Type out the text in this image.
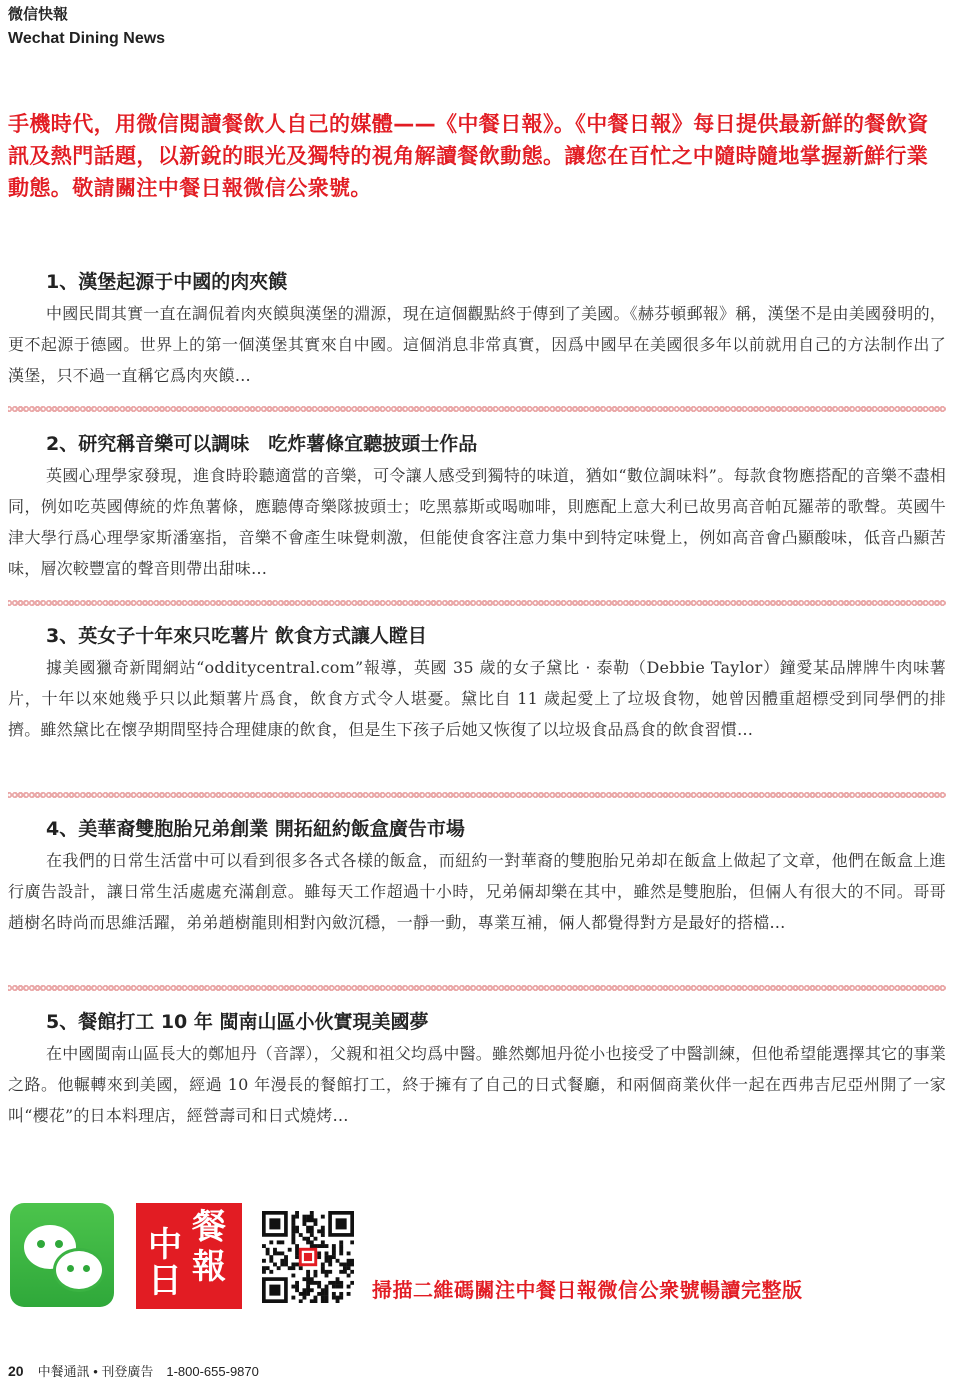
微信快報
Wechat Dining News
手機時代，用微信閱讀餐飲人自己的媒體——《中餐日報》。《中餐日報》每日提供最新鮮的餐飲資訊及熱門話題，以新銳的眼光及獨特的視角解讀餐飲動態。讓您在百忙之中隨時隨地掌握新鮮行業動態。敬請關注中餐日報微信公衆號。
1、漢堡起源于中國的肉夾饃

中國民間其實一直在調侃着肉夾饃與漢堡的淵源，現在這個觀點終于傳到了美國。《赫芬頓郵報》稱，漢堡不是由美國發明的，更不起源于德國。世界上的第一個漢堡其實來自中國。這個消息非常真實，因爲中國早在美國很多年以前就用自己的方法制作出了漢堡，只不過一直稱它爲肉夾饃…

2、研究稱音樂可以調味　吃炸薯條宜聽披頭士作品

英國心理學家發現，進食時聆聽適當的音樂，可令讓人感受到獨特的味道，猶如“數位調味料”。每款食物應搭配的音樂不盡相同，例如吃英國傳統的炸魚薯條，應聽傳奇樂隊披頭士；吃黑慕斯或喝咖啡，則應配上意大利已故男高音帕瓦羅蒂的歌聲。英國牛津大學行爲心理學家斯潘塞指，音樂不會產生味覺刺激，但能使食客注意力集中到特定味覺上，例如高音會凸顯酸味，低音凸顯苦味，層次較豐富的聲音則帶出甜味…

3、英女子十年來只吃薯片 飲食方式讓人瞠目

據美國獵奇新聞網站“odditycentral.com”報導，英國 35 歲的女子黛比 · 泰勒（Debbie Taylor）鐘愛某品牌牌牛肉味薯片，十年以來她幾乎只以此類薯片爲食，飲食方式令人堪憂。黛比自 11 歲起愛上了垃圾食物，她曾因體重超標受到同學們的排擠。雖然黛比在懷孕期間堅持合理健康的飲食，但是生下孩子后她又恢復了以垃圾食品爲食的飲食習慣…

4、美華裔雙胞胎兄弟創業 開拓紐約飯盒廣告市場

在我們的日常生活當中可以看到很多各式各樣的飯盒，而紐約一對華裔的雙胞胎兄弟却在飯盒上做起了文章，他們在飯盒上進行廣告設計，讓日常生活處處充滿創意。雖每天工作超過十小時，兄弟倆却樂在其中，雖然是雙胞胎，但倆人有很大的不同。哥哥趙樹名時尚而思維活躍，弟弟趙樹龍則相對內斂沉穩，一靜一動，專業互補，倆人都覺得對方是最好的搭檔…

5、餐館打工 10 年 閩南山區小伙實現美國夢

在中國閩南山區長大的鄭旭丹（音譯），父親和祖父均爲中醫。雖然鄭旭丹從小也接受了中醫訓練，但他希望能選擇其它的事業之路。他輾轉來到美國，經過 10 年漫長的餐館打工，終于擁有了自己的日式餐廳，和兩個商業伙伴一起在西弗吉尼亞州開了一家叫“櫻花”的日本料理店，經營壽司和日式燒烤…

中 餐
日 報
掃描二維碼關注中餐日報微信公衆號暢讀完整版
20 中餐通訊 • 刊登廣告　1-800-655-9870
